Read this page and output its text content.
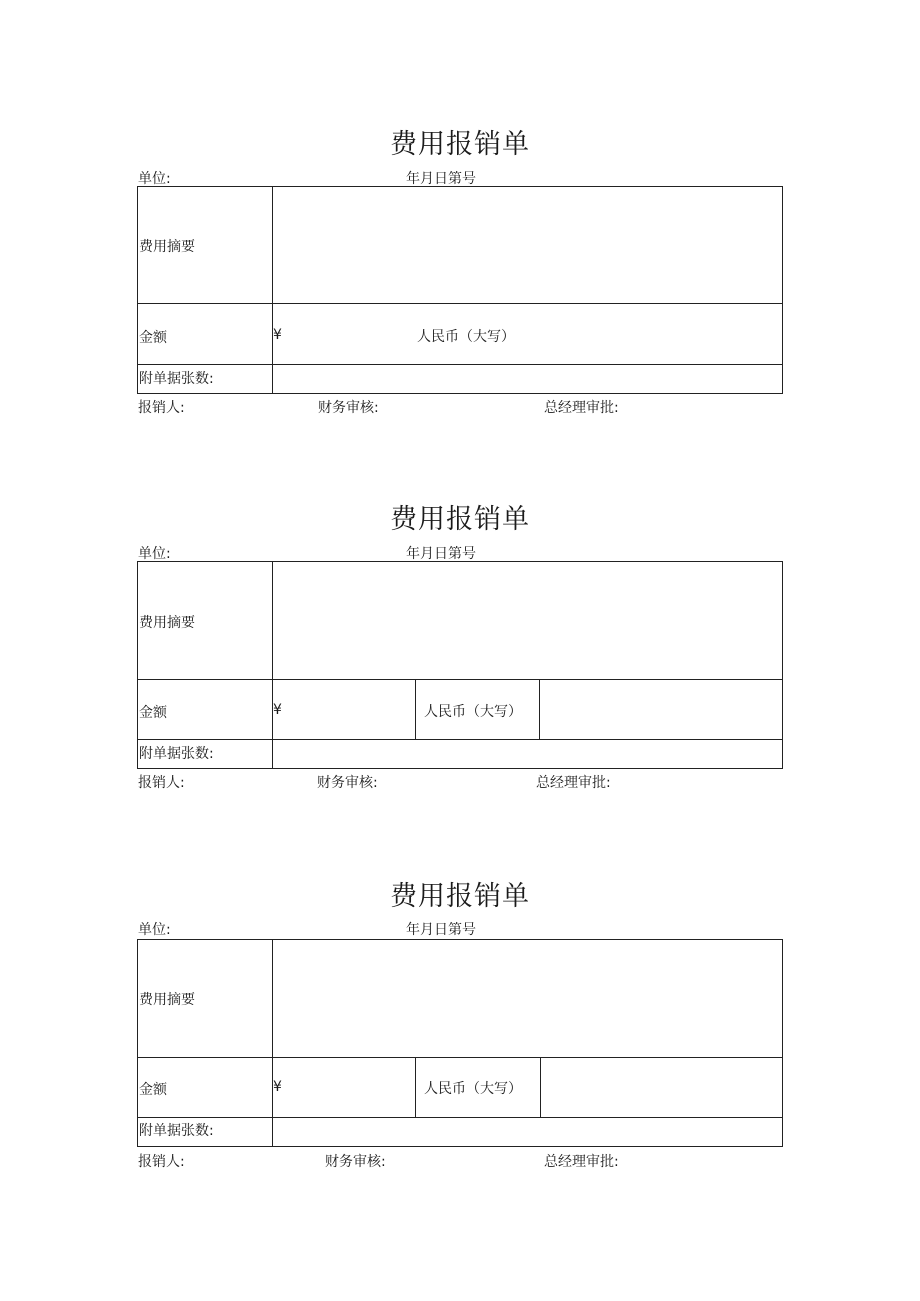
费用报销单
单位:	年月日第号
费用摘要
金额	¥	人民币（大写）
附单据张数:
报销人:	财务审核:	总经理审批:
费用报销单
单位:	年月日第号
费用摘要
金额	¥	人民币（大写）
附单据张数:
报销人:	财务审核:	总经理审批:
费用报销单
单位:	年月日第号
费用摘要
金额	¥	人民币（大写）
附单据张数:
报销人:	财务审核:	总经理审批:
